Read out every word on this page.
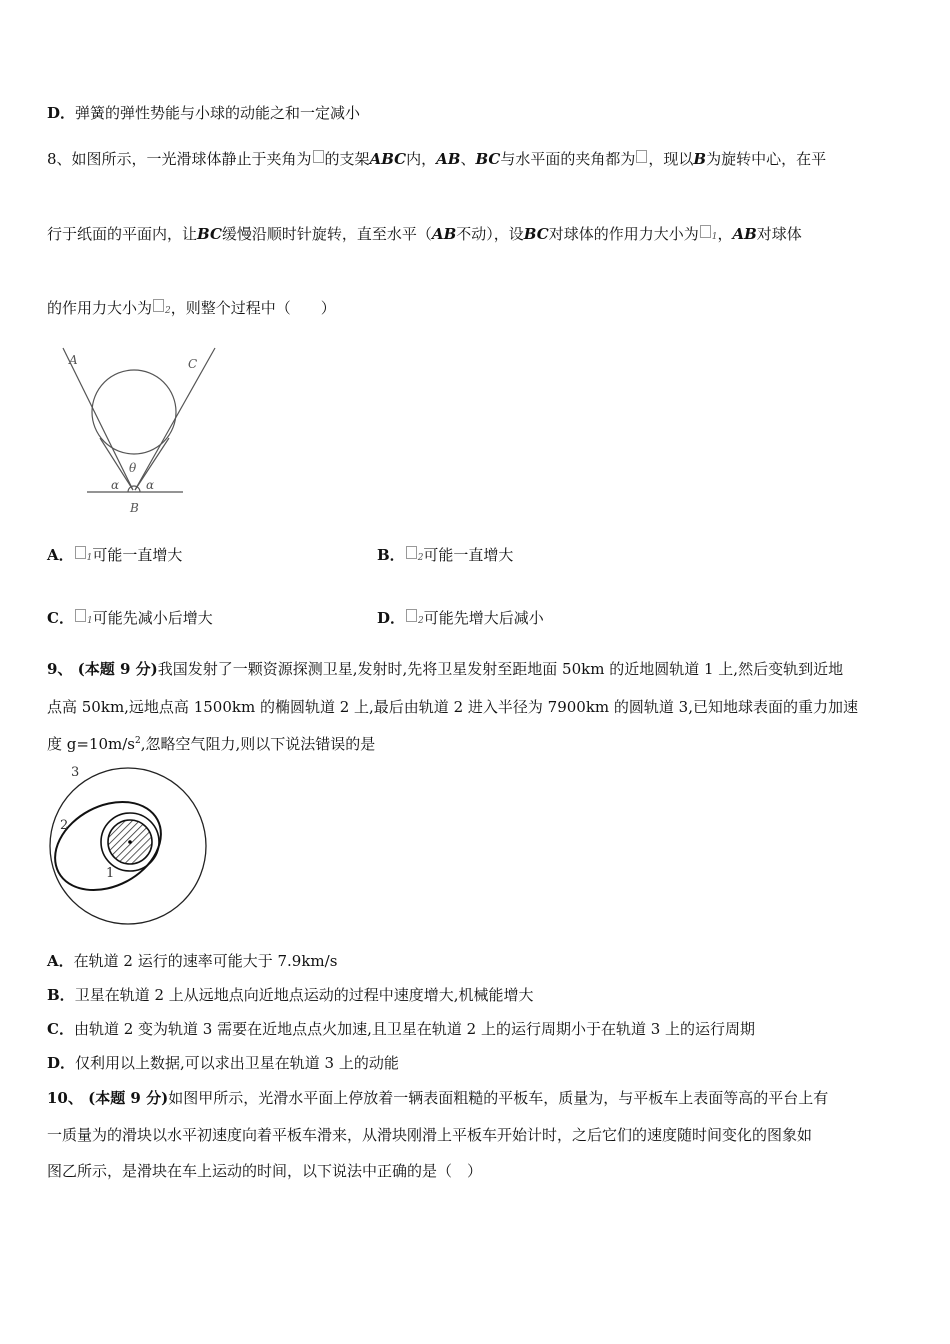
D．弹簧的弹性势能与小球的动能之和一定减小
8、如图所示，一光滑球体静止于夹角为 的支架ABC内，AB、BC与水平面的夹角都为 ，现以B为旋转中心，在平
行于纸面的平面内，让BC缓慢沿顺时针旋转，直至水平（AB不动），设BC对球体的作用力大小为 1，AB对球体
的作用力大小为 2，则整个过程中（　　）
A	C
θ
α α
B
A． 1可能一直增大	B． 2可能一直增大
C． 1可能先减小后增大	D． 2可能先增大后减小
9、 (本题 9 分)我国发射了一颗资源探测卫星,发射时,先将卫星发射至距地面 50km 的近地圆轨道 1 上,然后变轨到近地
点高 50km,远地点高 1500km 的椭圆轨道 2 上,最后由轨道 2 进入半径为 7900km 的圆轨道 3,已知地球表面的重力加速
度 $g=10m/s^2$,忽略空气阻力,则以下说法错误的是
3
2
1
A．在轨道 2 运行的速率可能大于 7.9km/s
B．卫星在轨道 2 上从远地点向近地点运动的过程中速度增大,机械能增大
C．由轨道 2 变为轨道 3 需要在近地点点火加速,且卫星在轨道 2 上的运行周期小于在轨道 3 上的运行周期
D．仅利用以上数据,可以求出卫星在轨道 3 上的动能
10、 (本题 9 分)如图甲所示，光滑水平面上停放着一辆表面粗糙的平板车，质量为，与平板车上表面等高的平台上有
一质量为的滑块以水平初速度向着平板车滑来，从滑块刚滑上平板车开始计时，之后它们的速度随时间变化的图象如
图乙所示，是滑块在车上运动的时间，以下说法中正确的是（　）
